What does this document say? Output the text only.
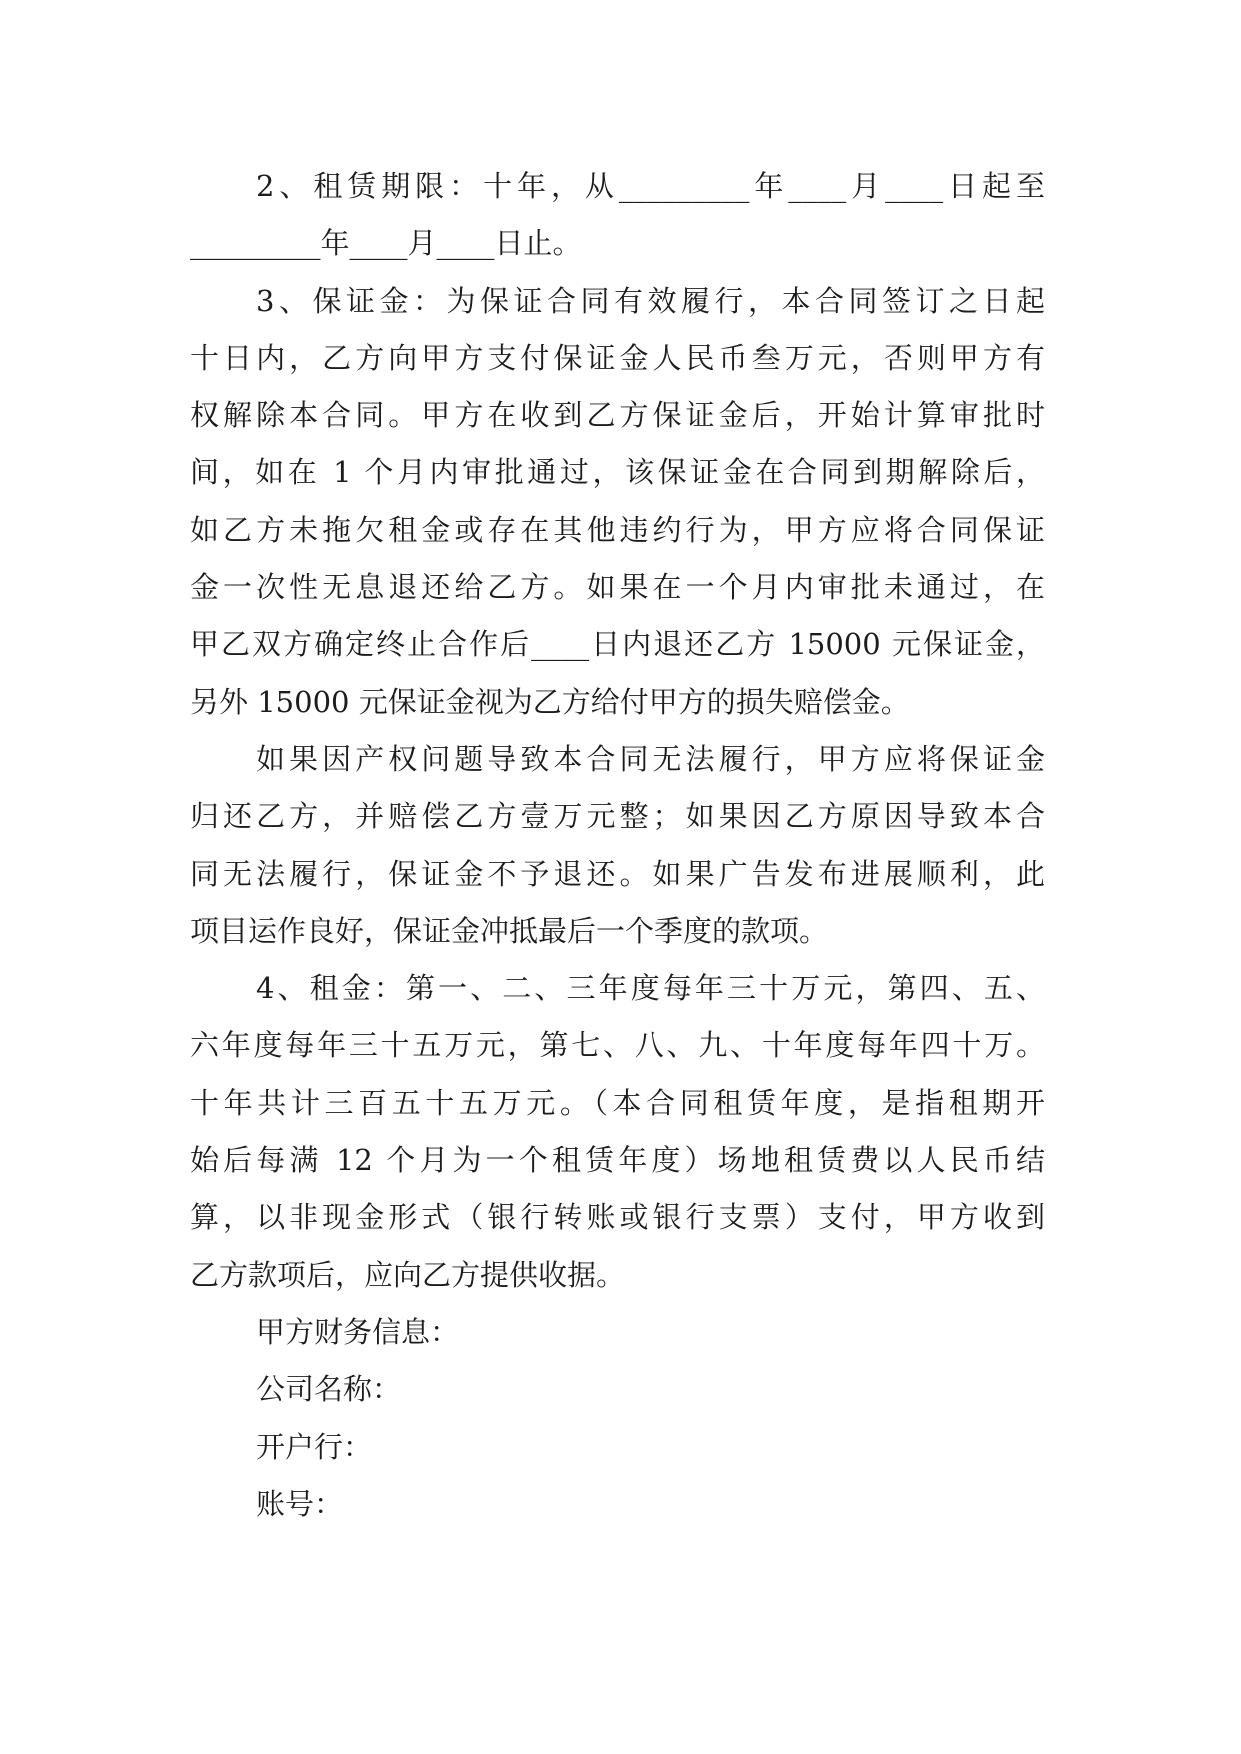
2、租赁期限：十年，从_________年____月____日起至
_________年____月____日止。
3、保证金：为保证合同有效履行，本合同签订之日起
十日内，乙方向甲方支付保证金人民币叁万元，否则甲方有
权解除本合同。甲方在收到乙方保证金后，开始计算审批时
间，如在 1 个月内审批通过，该保证金在合同到期解除后，
如乙方未拖欠租金或存在其他违约行为，甲方应将合同保证
金一次性无息退还给乙方。如果在一个月内审批未通过，在
甲乙双方确定终止合作后____日内退还乙方 15000 元保证金，
另外 15000 元保证金视为乙方给付甲方的损失赔偿金。
如果因产权问题导致本合同无法履行，甲方应将保证金
归还乙方，并赔偿乙方壹万元整；如果因乙方原因导致本合
同无法履行，保证金不予退还。如果广告发布进展顺利，此
项目运作良好，保证金冲抵最后一个季度的款项。
4、租金：第一、二、三年度每年三十万元，第四、五、
六年度每年三十五万元，第七、八、九、十年度每年四十万。
十年共计三百五十五万元。（本合同租赁年度，是指租期开
始后每满 12 个月为一个租赁年度）场地租赁费以人民币结
算，以非现金形式（银行转账或银行支票）支付，甲方收到
乙方款项后，应向乙方提供收据。
甲方财务信息：
公司名称：
开户行：
账号：
